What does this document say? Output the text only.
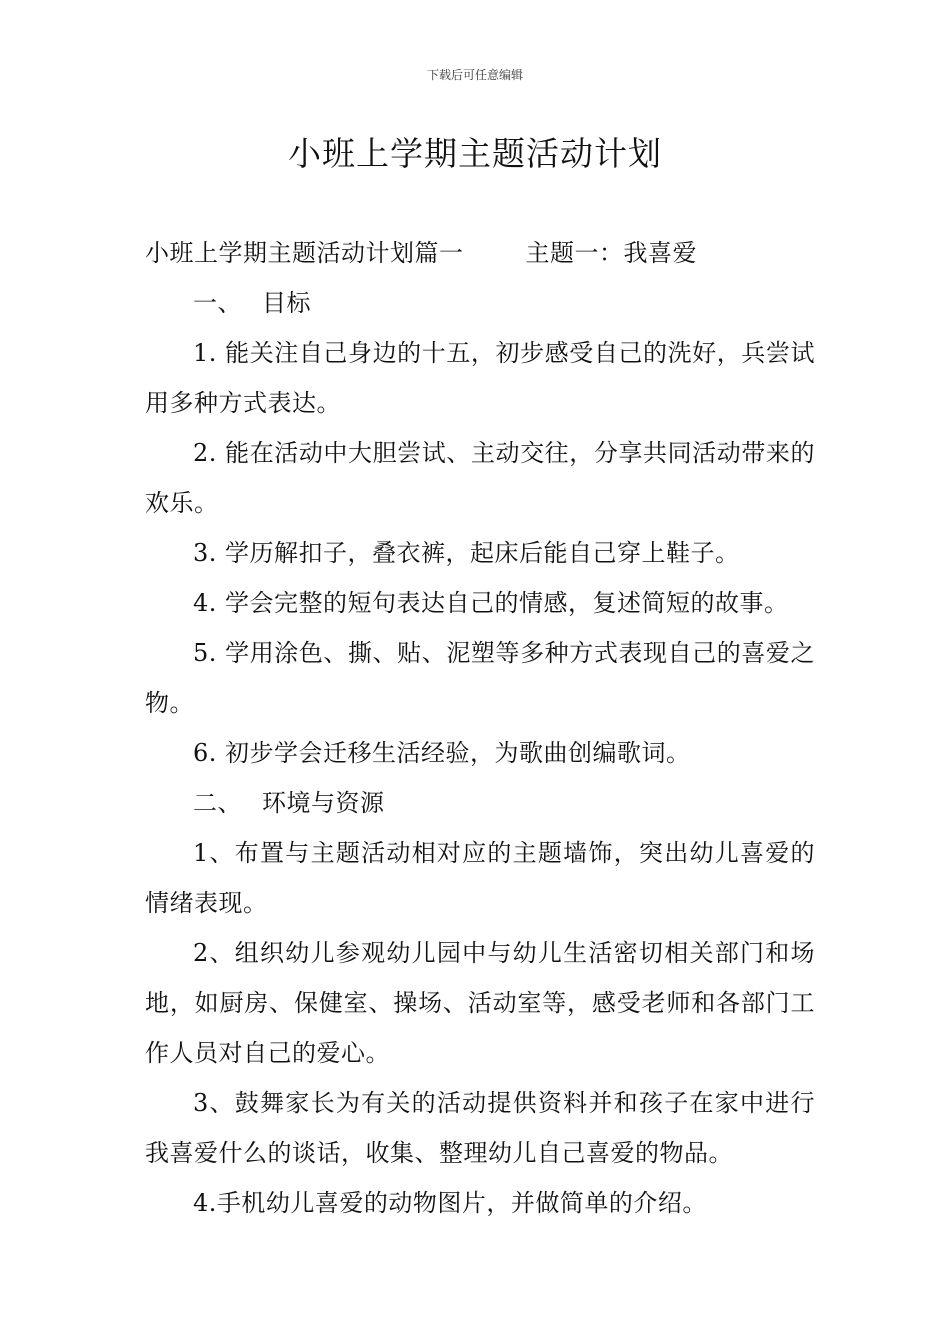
下载后可任意编辑
小班上学期主题活动计划

小班上学期主题活动计划篇一	主题一：我喜爱

一、 目标

1. 能关注自己身边的十五，初步感受自己的洗好，兵尝试用多种方式表达。

2. 能在活动中大胆尝试、主动交往，分享共同活动带来的欢乐。

3. 学历解扣子，叠衣裤，起床后能自己穿上鞋子。

4. 学会完整的短句表达自己的情感，复述简短的故事。

5. 学用涂色、撕、贴、泥塑等多种方式表现自己的喜爱之物。

6. 初步学会迁移生活经验，为歌曲创编歌词。

二、 环境与资源

1、布置与主题活动相对应的主题墙饰，突出幼儿喜爱的情绪表现。

2、组织幼儿参观幼儿园中与幼儿生活密切相关部门和场地，如厨房、保健室、操场、活动室等，感受老师和各部门工作人员对自己的爱心。

3、鼓舞家长为有关的活动提供资料并和孩子在家中进行我喜爱什么的谈话，收集、整理幼儿自己喜爱的物品。

4.手机幼儿喜爱的动物图片，并做简单的介绍。
